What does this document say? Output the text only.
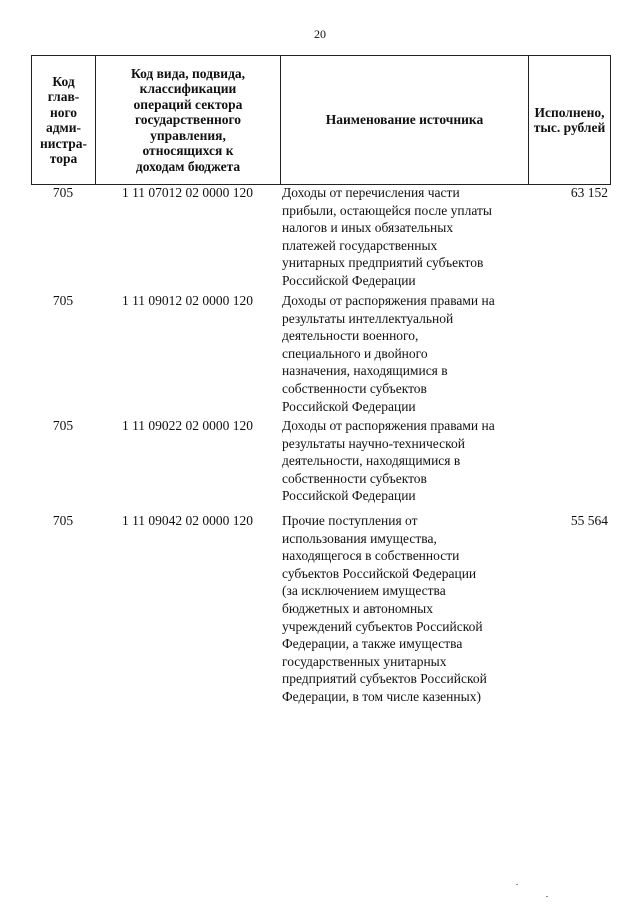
20
Код
глав-
ного
адми-
нистра-
тора

Код вида, подвида,
классификации
операций сектора
государственного
управления,
относящихся к
доходам бюджета

Наименование источника

Исполнено,
тыс. рублей
705	1 11 07012 02 0000 120	Доходы от перечисления части
прибыли, остающейся после уплаты
налогов и иных обязательных
платежей государственных
унитарных предприятий субъектов
Российской Федерации
63 152
705	1 11 09012 02 0000 120	Доходы от распоряжения правами на
результаты интеллектуальной
деятельности военного,
специального и двойного
назначения, находящимися в
собственности субъектов
Российской Федерации
705	1 11 09022 02 0000 120	Доходы от распоряжения правами на
результаты научно-технической
деятельности, находящимися в
собственности субъектов
Российской Федерации
705	1 11 09042 02 0000 120	Прочие поступления от
использования имущества,
находящегося в собственности
субъектов Российской Федерации
(за исключением имущества
бюджетных и автономных
учреждений субъектов Российской
Федерации, а также имущества
государственных унитарных
предприятий субъектов Российской
Федерации, в том числе казенных)
55 564
